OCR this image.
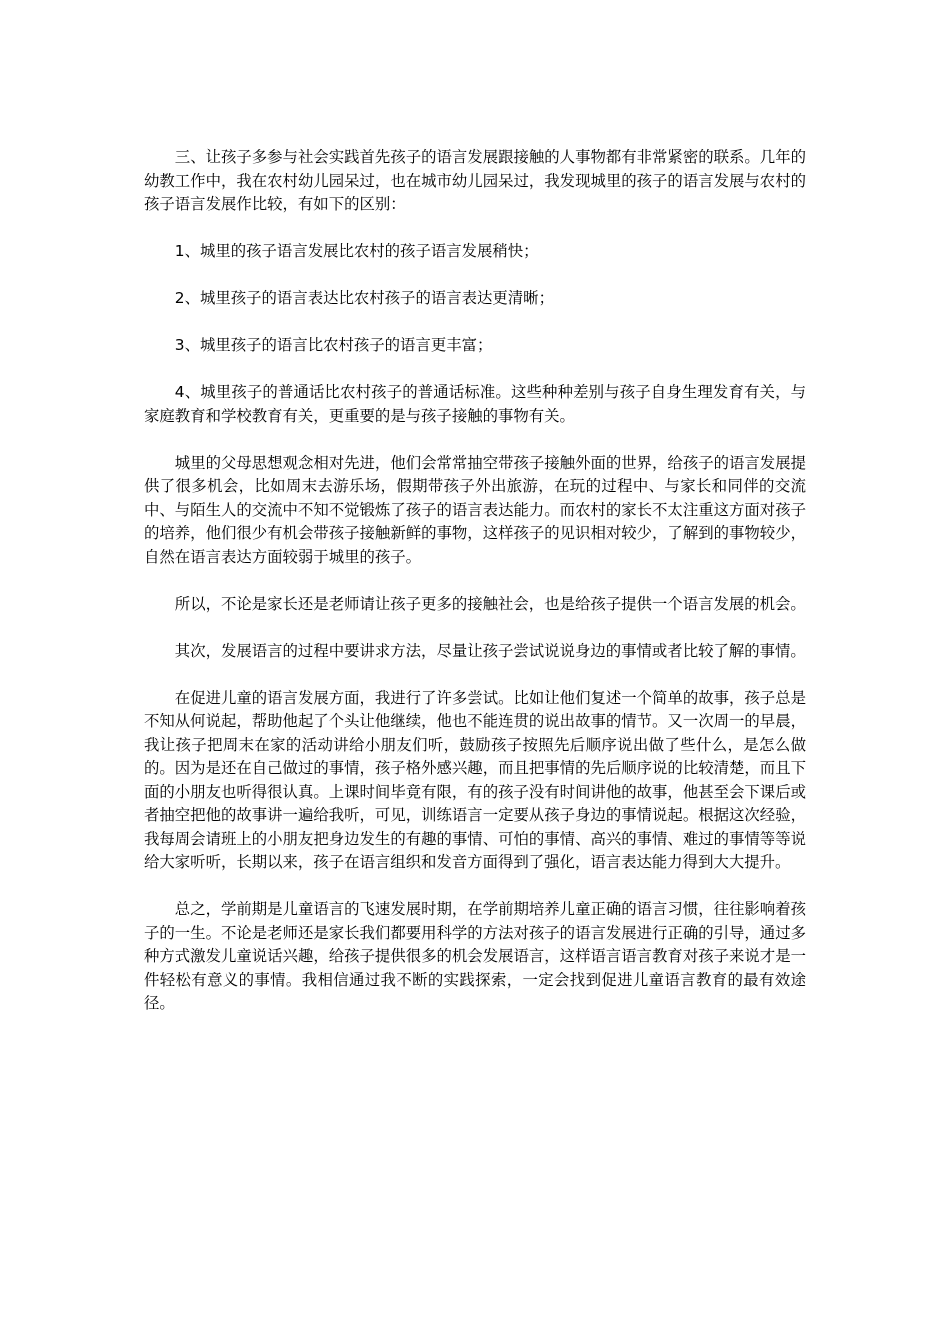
三、让孩子多参与社会实践首先孩子的语言发展跟接触的人事物都有非常紧密的联系。几年的幼教工作中，我在农村幼儿园呆过，也在城市幼儿园呆过，我发现城里的孩子的语言发展与农村的孩子语言发展作比较，有如下的区别：

1、城里的孩子语言发展比农村的孩子语言发展稍快；

2、城里孩子的语言表达比农村孩子的语言表达更清晰；

3、城里孩子的语言比农村孩子的语言更丰富；

4、城里孩子的普通话比农村孩子的普通话标准。这些种种差别与孩子自身生理发育有关，与家庭教育和学校教育有关，更重要的是与孩子接触的事物有关。

城里的父母思想观念相对先进，他们会常常抽空带孩子接触外面的世界，给孩子的语言发展提供了很多机会，比如周末去游乐场，假期带孩子外出旅游，在玩的过程中、与家长和同伴的交流中、与陌生人的交流中不知不觉锻炼了孩子的语言表达能力。而农村的家长不太注重这方面对孩子的培养，他们很少有机会带孩子接触新鲜的事物，这样孩子的见识相对较少，了解到的事物较少，自然在语言表达方面较弱于城里的孩子。

所以，不论是家长还是老师请让孩子更多的接触社会，也是给孩子提供一个语言发展的机会。

其次，发展语言的过程中要讲求方法，尽量让孩子尝试说说身边的事情或者比较了解的事情。

在促进儿童的语言发展方面，我进行了许多尝试。比如让他们复述一个简单的故事，孩子总是不知从何说起，帮助他起了个头让他继续，他也不能连贯的说出故事的情节。又一次周一的早晨，我让孩子把周末在家的活动讲给小朋友们听，鼓励孩子按照先后顺序说出做了些什么，是怎么做的。因为是还在自己做过的事情，孩子格外感兴趣，而且把事情的先后顺序说的比较清楚，而且下面的小朋友也听得很认真。上课时间毕竟有限，有的孩子没有时间讲他的故事，他甚至会下课后或者抽空把他的故事讲一遍给我听，可见，训练语言一定要从孩子身边的事情说起。根据这次经验，我每周会请班上的小朋友把身边发生的有趣的事情、可怕的事情、高兴的事情、难过的事情等等说给大家听听，长期以来，孩子在语言组织和发音方面得到了强化，语言表达能力得到大大提升。

总之，学前期是儿童语言的飞速发展时期，在学前期培养儿童正确的语言习惯，往往影响着孩子的一生。不论是老师还是家长我们都要用科学的方法对孩子的语言发展进行正确的引导，通过多种方式激发儿童说话兴趣，给孩子提供很多的机会发展语言，这样语言语言教育对孩子来说才是一件轻松有意义的事情。我相信通过我不断的实践探索，一定会找到促进儿童语言教育的最有效途径。
